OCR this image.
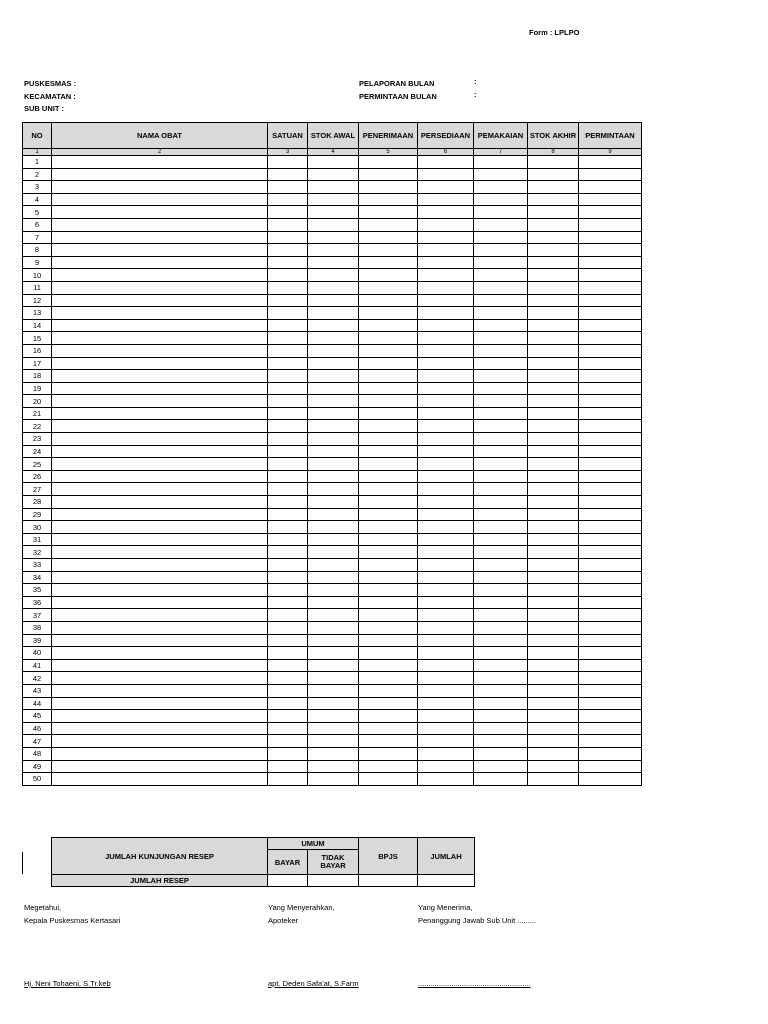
Form : LPLPO
PUSKESMAS :
KECAMATAN :
SUB UNIT :
PELAPORAN BULAN	:
PERMINTAAN BULAN	:
NO	NAMA OBAT	SATUAN	STOK AWAL	PENERIMAAN	PERSEDIAAN	PEMAKAIAN	STOK AKHIR	PERMINTAAN
1	2	3	4	5	6	7	8	9
1								
2								
3								
4								
5								
6								
7								
8								
9								
10								
11								
12								
13								
14								
15								
16								
17								
18								
19								
20								
21								
22								
23								
24								
25								
26								
27								
28								
29								
30								
31								
32								
33								
34								
35								
36								
37								
38								
39								
40								
41								
42								
43								
44								
45								
46								
47								
48								
49								
50								
JUMLAH KUNJUNGAN RESEP	UMUM		BPJS	JUMLAH
	BAYAR	TIDAK BAYAR		
JUMLAH RESEP				
Megetahui,
Kepala Puskesmas Kertasari
Hj. Neni Tohaeni, S.Tr.keb
Yang Menyerahkan,
Apoteker
apt. Deden Safa'at, S.Farm
Yang Menerima,
Penanggung Jawab Sub Unit .........
......................................................
